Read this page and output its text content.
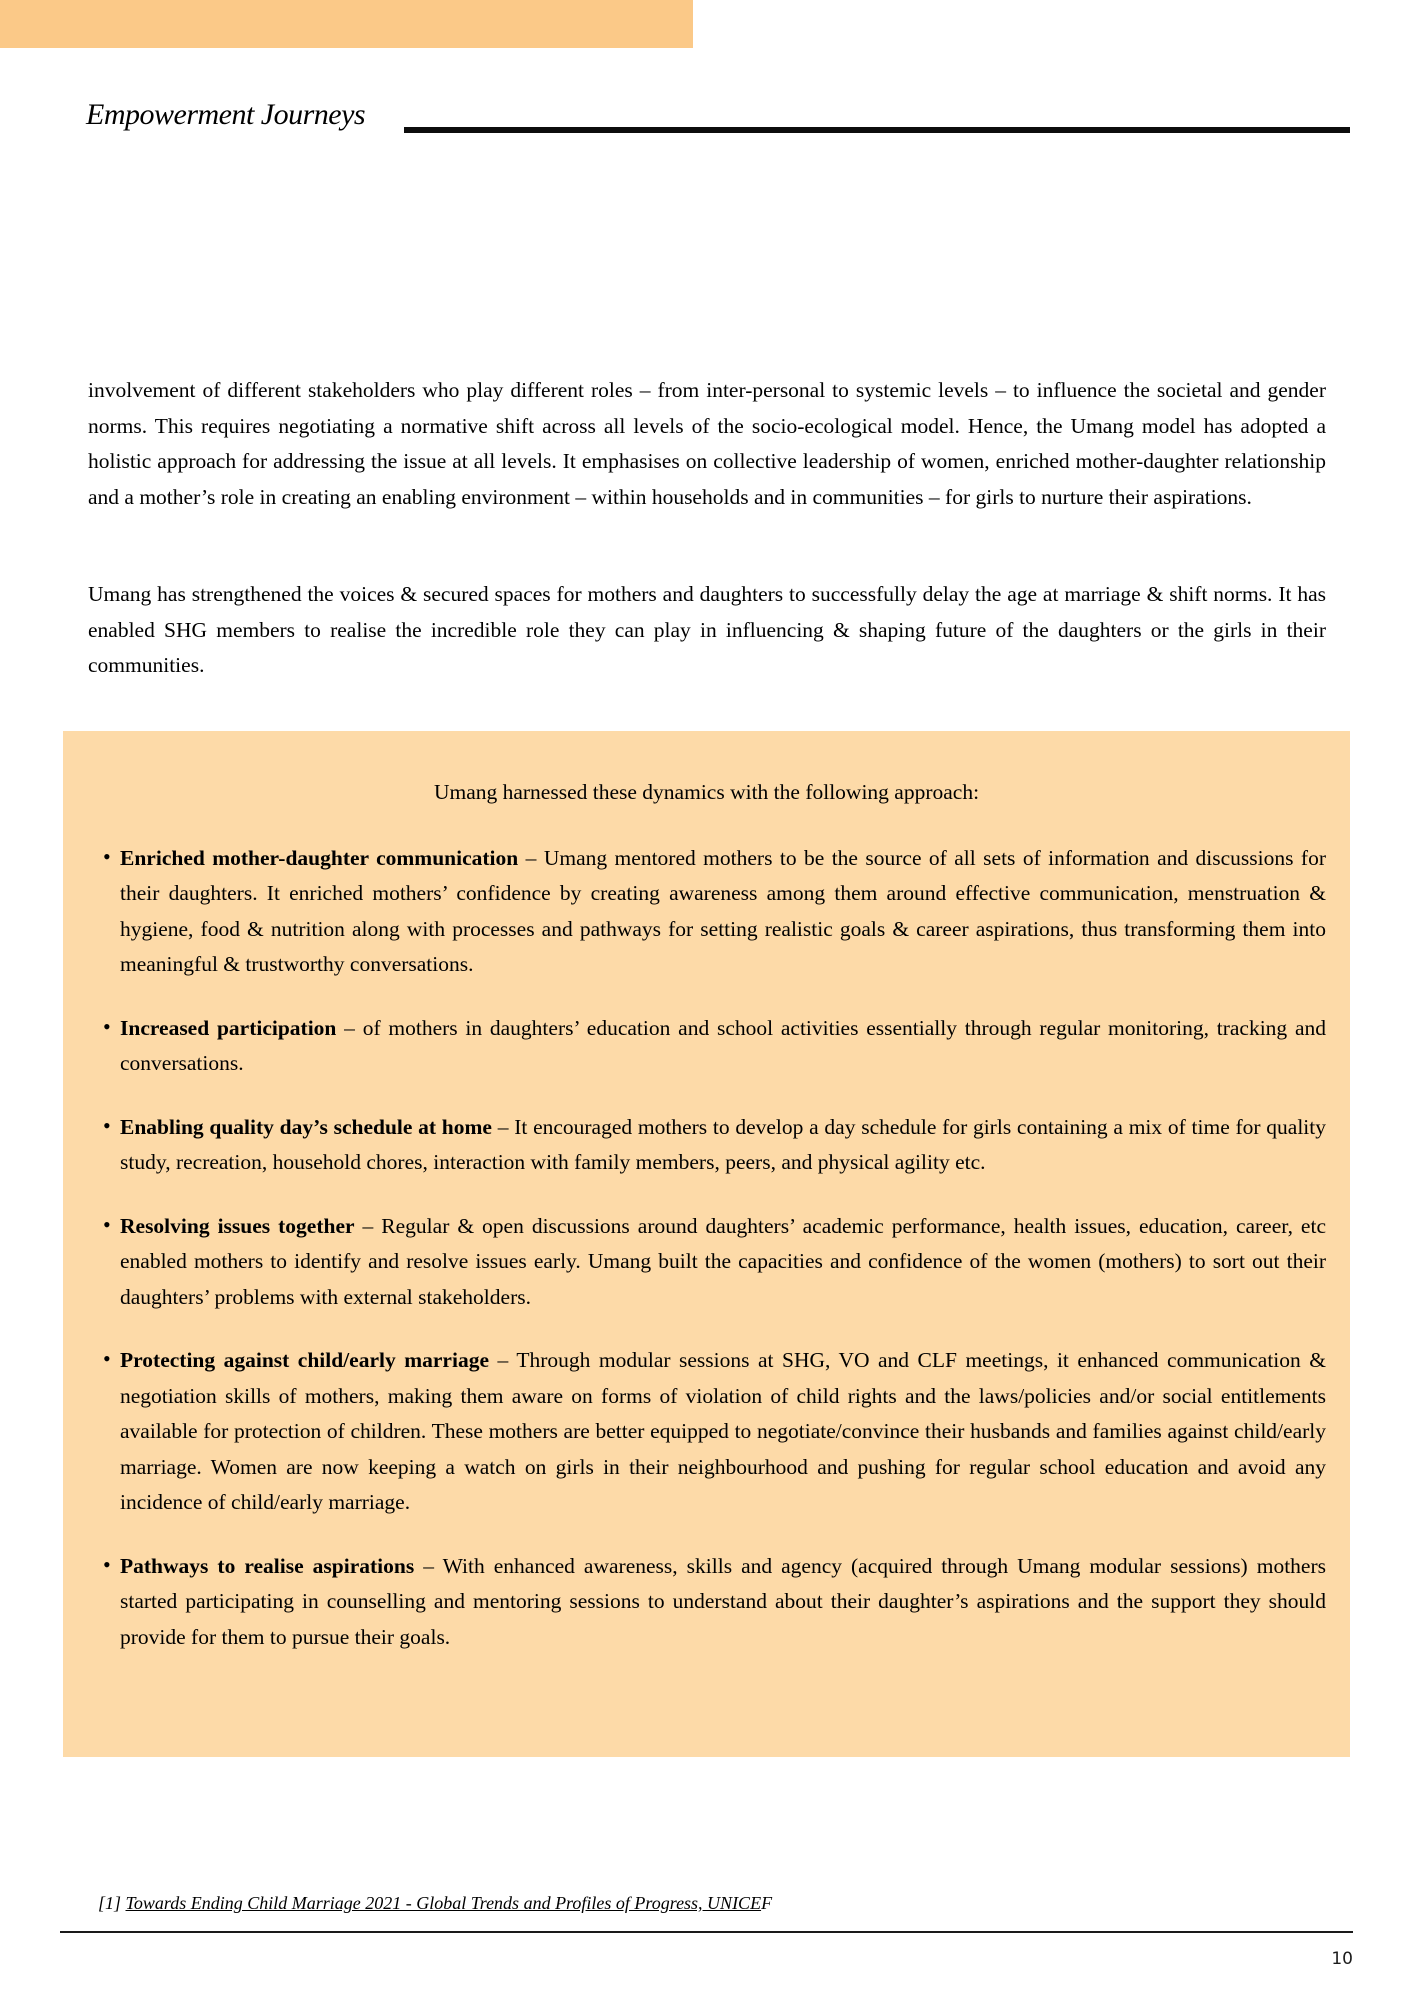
Empowerment Journeys

involvement of different stakeholders who play different roles – from inter-personal to systemic levels – to influence the societal and gender norms. This requires negotiating a normative shift across all levels of the socio-ecological model. Hence, the Umang model has adopted a holistic approach for addressing the issue at all levels. It emphasises on collective leadership of women, enriched mother-daughter relationship and a mother’s role in creating an enabling environment – within households and in communities – for girls to nurture their aspirations.

Umang has strengthened the voices & secured spaces for mothers and daughters to successfully delay the age at marriage & shift norms. It has enabled SHG members to realise the incredible role they can play in influencing & shaping future of the daughters or the girls in their communities.

Umang harnessed these dynamics with the following approach:
• Enriched mother-daughter communication – Umang mentored mothers to be the source of all sets of information and discussions for their daughters. It enriched mothers’ confidence by creating awareness among them around effective communication, menstruation & hygiene, food & nutrition along with processes and pathways for setting realistic goals & career aspirations, thus transforming them into meaningful & trustworthy conversations.
• Increased participation – of mothers in daughters’ education and school activities essentially through regular monitoring, tracking and conversations.
• Enabling quality day’s schedule at home – It encouraged mothers to develop a day schedule for girls containing a mix of time for quality study, recreation, household chores, interaction with family members, peers, and physical agility etc.
• Resolving issues together – Regular & open discussions around daughters’ academic performance, health issues, education, career, etc enabled mothers to identify and resolve issues early. Umang built the capacities and confidence of the women (mothers) to sort out their daughters’ problems with external stakeholders.
• Protecting against child/early marriage – Through modular sessions at SHG, VO and CLF meetings, it enhanced communication & negotiation skills of mothers, making them aware on forms of violation of child rights and the laws/policies and/or social entitlements available for protection of children. These mothers are better equipped to negotiate/convince their husbands and families against child/early marriage. Women are now keeping a watch on girls in their neighbourhood and pushing for regular school education and avoid any incidence of child/early marriage.
• Pathways to realise aspirations – With enhanced awareness, skills and agency (acquired through Umang modular sessions) mothers started participating in counselling and mentoring sessions to understand about their daughter’s aspirations and the support they should provide for them to pursue their goals.
[1] Towards Ending Child Marriage 2021 - Global Trends and Profiles of Progress, UNICEF
10
